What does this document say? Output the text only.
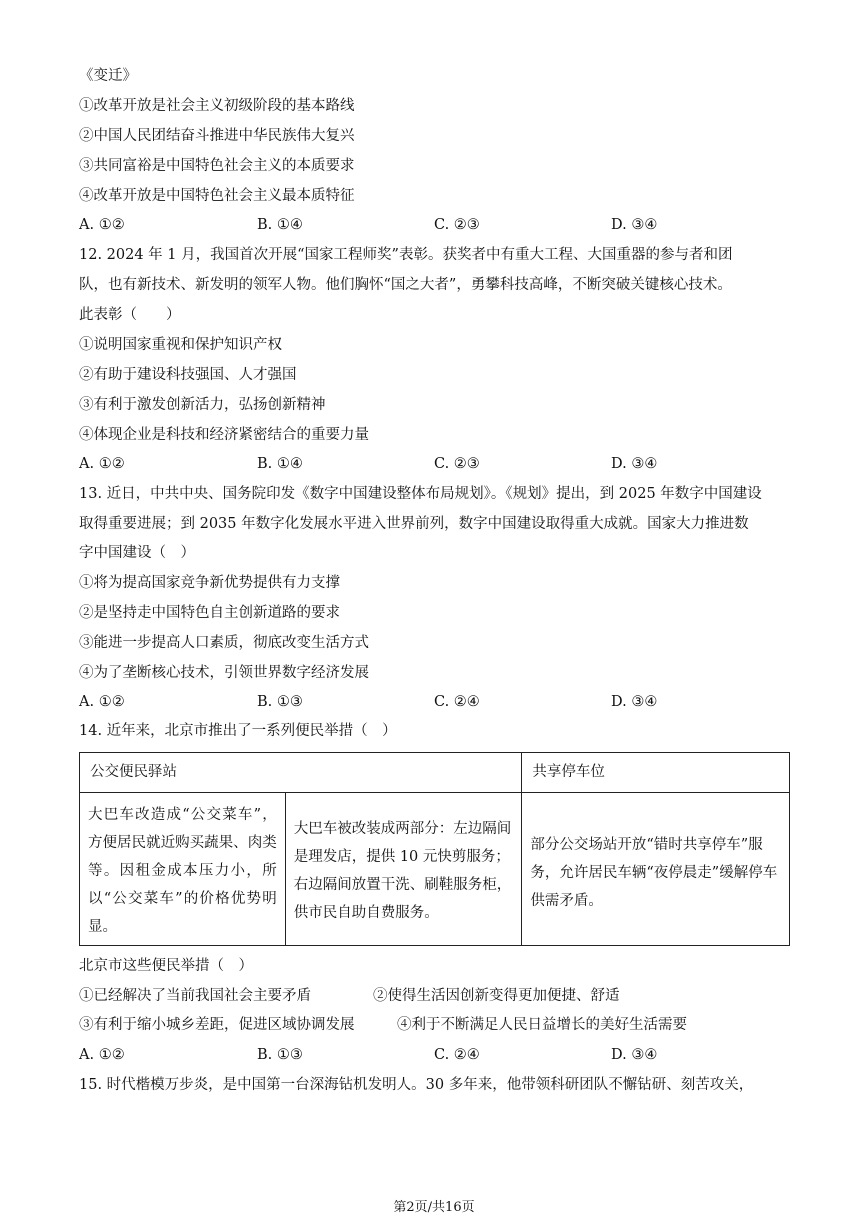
《变迁》
①改革开放是社会主义初级阶段的基本路线
②中国人民团结奋斗推进中华民族伟大复兴
③共同富裕是中国特色社会主义的本质要求
④改革开放是中国特色社会主义最本质特征
A. ①②	B. ①④	C. ②③	D. ③④
12. 2024 年 1 月，我国首次开展“国家工程师奖”表彰。获奖者中有重大工程、大国重器的参与者和团
队，也有新技术、新发明的领军人物。他们胸怀“国之大者”，勇攀科技高峰，不断突破关键核心技术。
此表彰（　　）
①说明国家重视和保护知识产权
②有助于建设科技强国、人才强国
③有利于激发创新活力，弘扬创新精神
④体现企业是科技和经济紧密结合的重要力量
A. ①②	B. ①④	C. ②③	D. ③④
13. 近日，中共中央、国务院印发《数字中国建设整体布局规划》。《规划》提出，到 2025 年数字中国建设
取得重要进展；到 2035 年数字化发展水平进入世界前列，数字中国建设取得重大成就。国家大力推进数
字中国建设（　）
①将为提高国家竞争新优势提供有力支撑
②是坚持走中国特色自主创新道路的要求
③能进一步提高人口素质，彻底改变生活方式
④为了垄断核心技术，引领世界数字经济发展
A. ①②	B. ①③	C. ②④	D. ③④
14. 近年来，北京市推出了一系列便民举措（　）
公交便民驿站		共享停车位

大巴车改造成“公交菜车”，方便居民就近购买蔬果、肉类等。因租金成本压力小，所以“公交菜车”的价格优势明显。	大巴车被改装成两部分：左边隔间是理发店，提供 10 元快剪服务；右边隔间放置干洗、刷鞋服务柜，供市民自助自费服务。	部分公交场站开放“错时共享停车”服务，允许居民车辆“夜停晨走”缓解停车供需矛盾。
北京市这些便民举措（　）
①已经解决了当前我国社会主要矛盾	②使得生活因创新变得更加便捷、舒适
③有利于缩小城乡差距，促进区域协调发展	④利于不断满足人民日益增长的美好生活需要
A. ①②	B. ①③	C. ②④	D. ③④
15. 时代楷模万步炎，是中国第一台深海钻机发明人。30 多年来，他带领科研团队不懈钻研、刻苦攻关，
第2页/共16页
